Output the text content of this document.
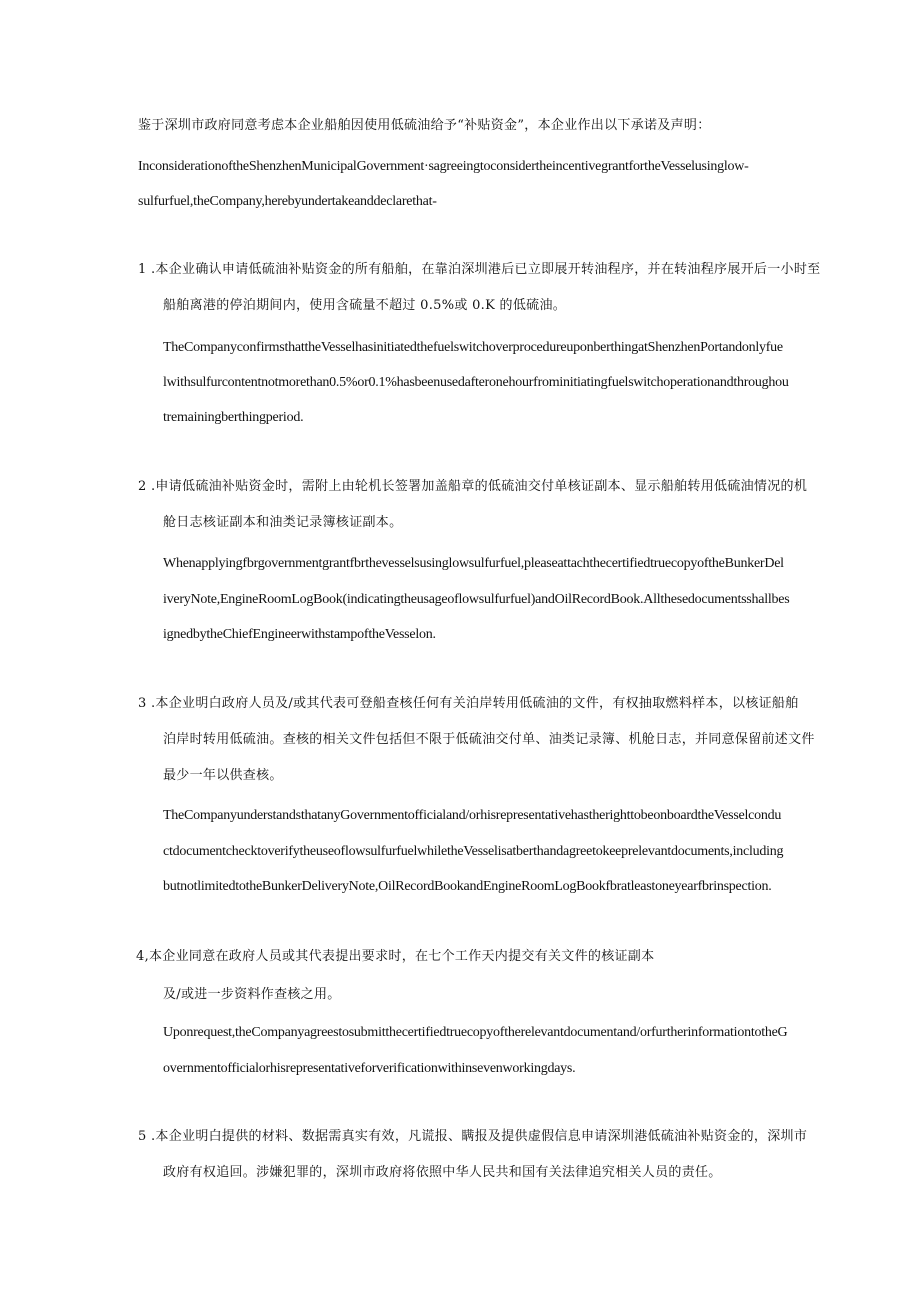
鉴于深圳市政府同意考虑本企业船舶因使用低硫油给予“补贴资金”，本企业作出以下承诺及声明：
InconsiderationoftheShenzhenMunicipalGovernment·sagreeingtoconsidertheincentivegrantfortheVesselusinglow-
sulfurfuel,theCompany,herebyundertakeanddeclarethat-
1 .本企业确认申请低硫油补贴资金的所有船舶，在靠泊深圳港后已立即展开转油程序，并在转油程序展开后一小时至
船舶离港的停泊期间内，使用含硫量不超过 0.5%或 0.K 的低硫油。
TheCompanyconfirmsthattheVesselhasinitiatedthefuelswitchoverprocedureuponberthingatShenzhenPortandonlyfue
lwithsulfurcontentnotmorethan0.5%or0.1%hasbeenusedafteronehourfrominitiatingfuelswitchoperationandthroughou
tremainingberthingperiod.
2 .申请低硫油补贴资金时，需附上由轮机长签署加盖船章的低硫油交付单核证副本、显示船舶转用低硫油情况的机
舱日志核证副本和油类记录簿核证副本。
Whenapplyingfbrgovernmentgrantfbrthevesselsusinglowsulfurfuel,pleaseattachthecertifiedtruecopyoftheBunkerDel
iveryNote,EngineRoomLogBook(indicatingtheusageoflowsulfurfuel)andOilRecordBook.Allthesedocumentsshallbes
ignedbytheChiefEngineerwithstampoftheVesselon.
3 .本企业明白政府人员及/或其代表可登船查核任何有关泊岸转用低硫油的文件，有权抽取燃料样本，以核证船舶
泊岸时转用低硫油。查核的相关文件包括但不限于低硫油交付单、油类记录簿、机舱日志，并同意保留前述文件
最少一年以供查核。
TheCompanyunderstandsthatanyGovernmentofficialand/orhisrepresentativehastherighttobeonboardtheVesselcondu
ctdocumentchecktoverifytheuseoflowsulfurfuelwhiletheVesselisatberthandagreetokeeprelevantdocuments,including
butnotlimitedtotheBunkerDeliveryNote,OilRecordBookandEngineRoomLogBookfbratleastoneyearfbrinspection.
4,本企业同意在政府人员或其代表提出要求时，在七个工作天内提交有关文件的核证副本
及/或进一步资料作查核之用。
Uponrequest,theCompanyagreestosubmitthecertifiedtruecopyoftherelevantdocumentand/orfurtherinformationtotheG
overnmentofficialorhisrepresentativeforverificationwithinsevenworkingdays.
5 .本企业明白提供的材料、数据需真实有效，凡谎报、瞒报及提供虚假信息申请深圳港低硫油补贴资金的，深圳市
政府有权追回。涉嫌犯罪的，深圳市政府将依照中华人民共和国有关法律追究相关人员的责任。
